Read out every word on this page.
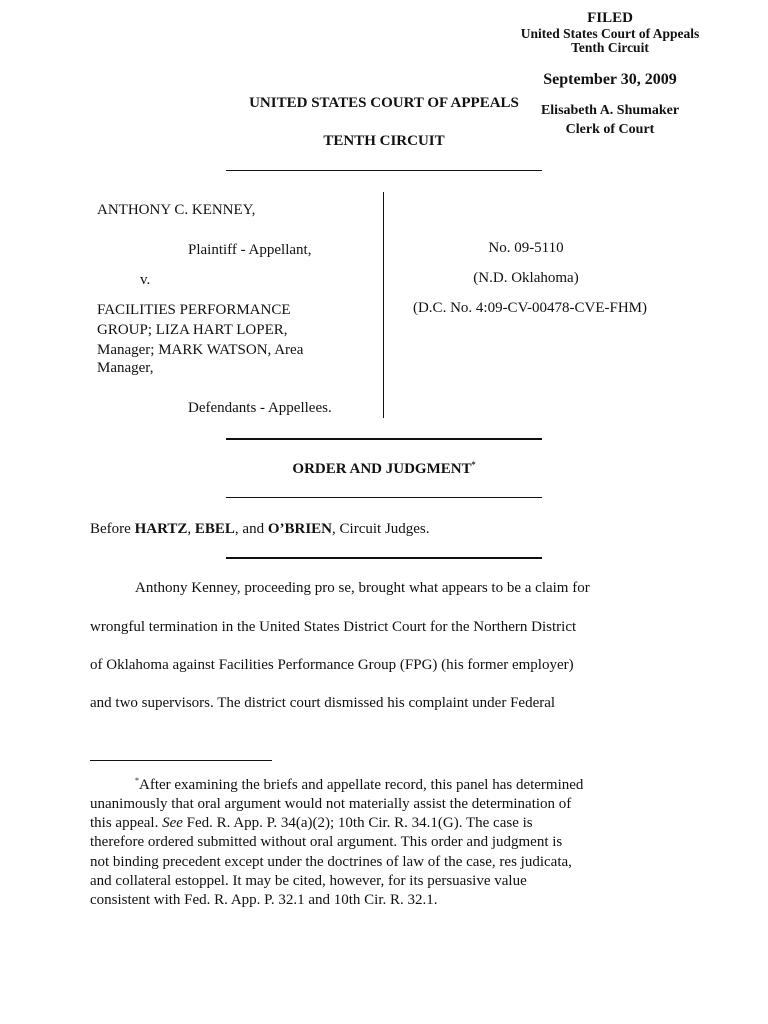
FILED
United States Court of Appeals
Tenth Circuit
September 30, 2009
Elisabeth A. Shumaker
Clerk of Court
UNITED STATES COURT OF APPEALS
TENTH CIRCUIT
ANTHONY C. KENNEY,
Plaintiff - Appellant,
v.
FACILITIES PERFORMANCE
GROUP; LIZA HART LOPER,
Manager; MARK WATSON, Area
Manager,
Defendants - Appellees.
No. 09-5110
(N.D. Oklahoma)
(D.C. No. 4:09-CV-00478-CVE-FHM)
ORDER AND JUDGMENT*
Before HARTZ, EBEL, and O’BRIEN, Circuit Judges.
Anthony Kenney, proceeding pro se, brought what appears to be a claim for
wrongful termination in the United States District Court for the Northern District
of Oklahoma against Facilities Performance Group (FPG) (his former employer)
and two supervisors. The district court dismissed his complaint under Federal
*After examining the briefs and appellate record, this panel has determined
unanimously that oral argument would not materially assist the determination of
this appeal. See Fed. R. App. P. 34(a)(2); 10th Cir. R. 34.1(G). The case is
therefore ordered submitted without oral argument. This order and judgment is
not binding precedent except under the doctrines of law of the case, res judicata,
and collateral estoppel. It may be cited, however, for its persuasive value
consistent with Fed. R. App. P. 32.1 and 10th Cir. R. 32.1.
